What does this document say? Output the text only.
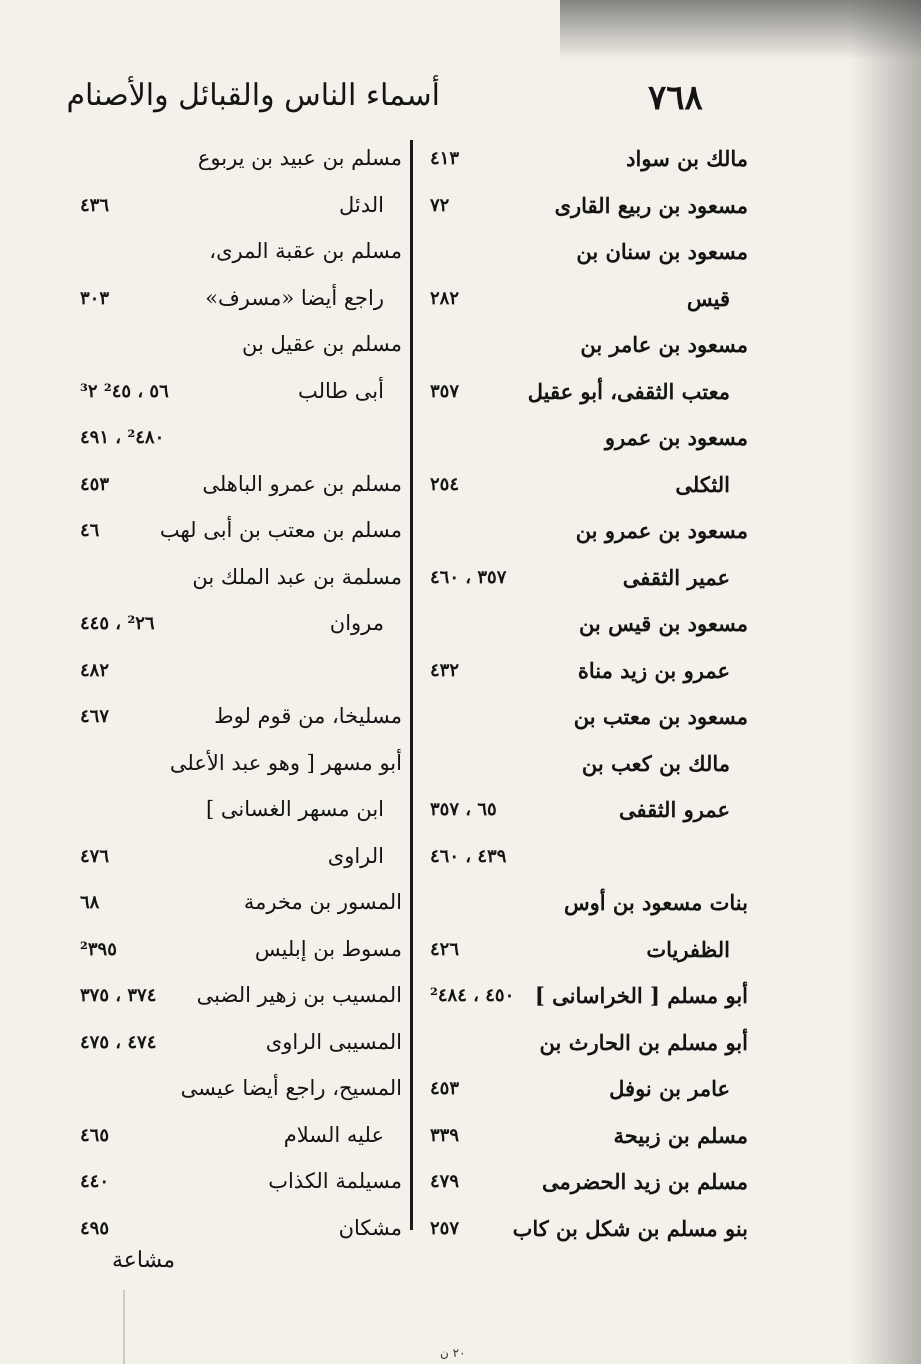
أسماء الناس والقبائل والأصنام	٧٦٨
مسلم بن عبيد بن يربوع
الدئل
٤٣٦
مسلم بن عقبة المرى،
راجع أيضا «مسرف»
٣٠٣
مسلم بن عقيل بن
أبى طالب
٥٦ ، ²٤٥ ³٢
²٤٨٠ ، ٤٩١
مسلم بن عمرو الباهلى
٤٥٣
مسلم بن معتب بن أبى لهب
٤٦
مسلمة بن عبد الملك بن
مروان
²٢٦ ، ٤٤٥
٤٨٢
مسليخا، من قوم لوط
٤٦٧
أبو مسهر [ وهو عبد الأعلى
ابن مسهر الغسانى ]
الراوى
٤٧٦
المسور بن مخرمة
٦٨
مسوط بن إبليس
²٣٩٥
المسيب بن زهير الضبى
٣٧٤ ، ٣٧٥
المسيبى الراوى
٤٧٤ ، ٤٧٥
المسيح، راجع أيضا عيسى
عليه السلام
٤٦٥
مسيلمة الكذاب
٤٤٠
مشكان
٤٩٥
مالك بن سواد
٤١٣
مسعود بن ربيع القارى
٧٢
مسعود بن سنان بن
قيس
٢٨٢
مسعود بن عامر بن
معتب الثقفى، أبو عقيل
٣٥٧
مسعود بن عمرو
الثكلى
٢٥٤
مسعود بن عمرو بن
عمير الثقفى
٣٥٧ ، ٤٦٠
مسعود بن قيس بن
عمرو بن زيد مناة
٤٣٢
مسعود بن معتب بن
مالك بن كعب بن
عمرو الثقفى
٦٥ ، ٣٥٧
٤٣٩ ، ٤٦٠
بنات مسعود بن أوس
الظفريات
٤٢٦
أبو مسلم [ الخراسانى ]
٤٥٠ ، ²٤٨٤
أبو مسلم بن الحارث بن
عامر بن نوفل
٤٥٣
مسلم بن زبيحة
٣٣٩
مسلم بن زيد الحضرمى
٤٧٩
بنو مسلم بن شكل بن كاب
٢٥٧
مشاعة
٢٠ ن
